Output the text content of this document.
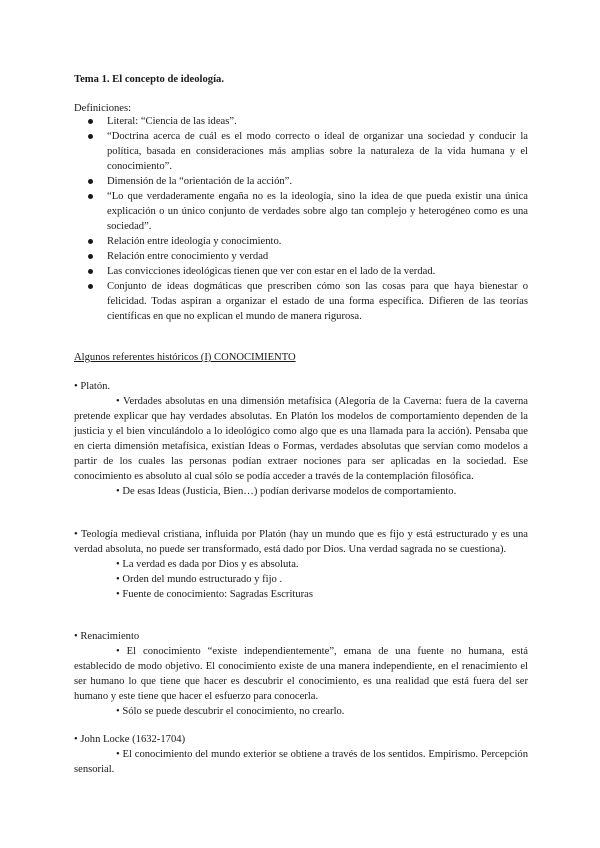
Tema 1. El concepto de ideología.
Definiciones:
Literal: “Ciencia de las ideas”.
“Doctrina acerca de cuál es el modo correcto o ideal de organizar una sociedad y conducir la política, basada en consideraciones más amplias sobre la naturaleza de la vida humana y el conocimiento”.
Dimensión de la “orientación de la acción”.
“Lo que verdaderamente engaña no es la ideología, sino la idea de que pueda existir una única explicación o un único conjunto de verdades sobre algo tan complejo y heterogéneo como es una sociedad”.
Relación entre ideología y conocimiento.
Relación entre conocimiento y verdad
Las convicciones ideológicas tienen que ver con estar en el lado de la verdad.
Conjunto de ideas dogmáticas que prescriben cómo son las cosas para que haya bienestar o felicidad. Todas aspiran a organizar el estado de una forma específica. Difieren de las teorías científicas en que no explican el mundo de manera rigurosa.
Algunos referentes históricos (I) CONOCIMIENTO
• Platón.
• Verdades absolutas en una dimensión metafísica (Alegoría de la Caverna: fuera de la caverna pretende explicar que hay verdades absolutas. En Platón los modelos de comportamiento dependen de la justicia y el bien vinculándolo a lo ideológico como algo que es una llamada para la acción). Pensaba que en cierta dimensión metafísica, existían Ideas o Formas, verdades absolutas que servían como modelos a partir de los cuales las personas podían extraer nociones para ser aplicadas en la sociedad. Ese conocimiento es absoluto al cual sólo se podía acceder a través de la contemplación filosófica.
• De esas Ideas (Justicia, Bien…) podían derivarse modelos de comportamiento.
• Teología medieval cristiana, influida por Platón (hay un mundo que es fijo y está estructurado y es una verdad absoluta, no puede ser transformado, está dado por Dios. Una verdad sagrada no se cuestiona).
• La verdad es dada por Dios y es absoluta.
• Orden del mundo estructurado y fijo .
• Fuente de conocimiento: Sagradas Escrituras
• Renacimiento
• El conocimiento “existe independientemente”, emana de una fuente no humana, está establecido de modo objetivo. El conocimiento existe de una manera independiente, en el renacimiento el ser humano lo que tiene que hacer es descubrir el conocimiento, es una realidad que está fuera del ser humano y este tiene que hacer el esfuerzo para conocerla.
• Sólo se puede descubrir el conocimiento, no crearlo.
• John Locke (1632-1704)
• El conocimiento del mundo exterior se obtiene a través de los sentidos. Empirismo. Percepción sensorial.
